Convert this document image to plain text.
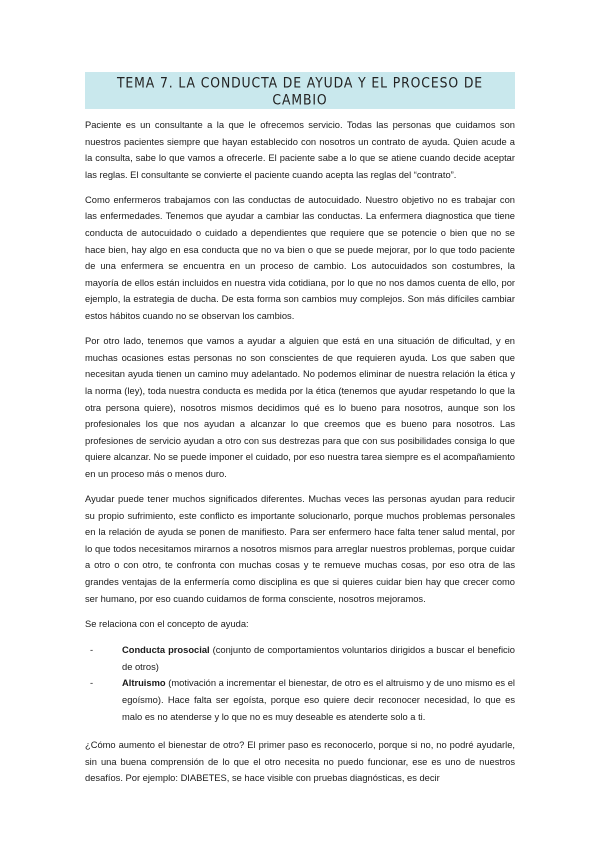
TEMA 7. LA CONDUCTA DE AYUDA Y EL PROCESO DE CAMBIO

Paciente es un consultante a la que le ofrecemos servicio. Todas las personas que cuidamos son nuestros pacientes siempre que hayan establecido con nosotros un contrato de ayuda. Quien acude a la consulta, sabe lo que vamos a ofrecerle. El paciente sabe a lo que se atiene cuando decide aceptar las reglas. El consultante se convierte el paciente cuando acepta las reglas del “contrato”.

Como enfermeros trabajamos con las conductas de autocuidado. Nuestro objetivo no es trabajar con las enfermedades. Tenemos que ayudar a cambiar las conductas. La enfermera diagnostica que tiene conducta de autocuidado o cuidado a dependientes que requiere que se potencie o bien que no se hace bien, hay algo en esa conducta que no va bien o que se puede mejorar, por lo que todo paciente de una enfermera se encuentra en un proceso de cambio. Los autocuidados son costumbres, la mayoría de ellos están incluidos en nuestra vida cotidiana, por lo que no nos damos cuenta de ello, por ejemplo, la estrategia de ducha. De esta forma son cambios muy complejos. Son más difíciles cambiar estos hábitos cuando no se observan los cambios.

Por otro lado, tenemos que vamos a ayudar a alguien que está en una situación de dificultad, y en muchas ocasiones estas personas no son conscientes de que requieren ayuda. Los que saben que necesitan ayuda tienen un camino muy adelantado. No podemos eliminar de nuestra relación la ética y la norma (ley), toda nuestra conducta es medida por la ética (tenemos que ayudar respetando lo que la otra persona quiere), nosotros mismos decidimos qué es lo bueno para nosotros, aunque son los profesionales los que nos ayudan a alcanzar lo que creemos que es bueno para nosotros. Las profesiones de servicio ayudan a otro con sus destrezas para que con sus posibilidades consiga lo que quiere alcanzar. No se puede imponer el cuidado, por eso nuestra tarea siempre es el acompañamiento en un proceso más o menos duro.

Ayudar puede tener muchos significados diferentes. Muchas veces las personas ayudan para reducir su propio sufrimiento, este conflicto es importante solucionarlo, porque muchos problemas personales en la relación de ayuda se ponen de manifiesto. Para ser enfermero hace falta tener salud mental, por lo que todos necesitamos mirarnos a nosotros mismos para arreglar nuestros problemas, porque cuidar a otro o con otro, te confronta con muchas cosas y te remueve muchas cosas, por eso otra de las grandes ventajas de la enfermería como disciplina es que si quieres cuidar bien hay que crecer como ser humano, por eso cuando cuidamos de forma consciente, nosotros mejoramos.

Se relaciona con el concepto de ayuda:

-	Conducta prosocial (conjunto de comportamientos voluntarios dirigidos a buscar el beneficio de otros)
-	Altruismo (motivación a incrementar el bienestar, de otro es el altruismo y de uno mismo es el egoísmo). Hace falta ser egoísta, porque eso quiere decir reconocer necesidad, lo que es malo es no atenderse y lo que no es muy deseable es atenderte solo a ti.

¿Cómo aumento el bienestar de otro? El primer paso es reconocerlo, porque si no, no podré ayudarle, sin una buena comprensión de lo que el otro necesita no puedo funcionar, ese es uno de nuestros desafíos. Por ejemplo: DIABETES, se hace visible con pruebas diagnósticas, es decir
